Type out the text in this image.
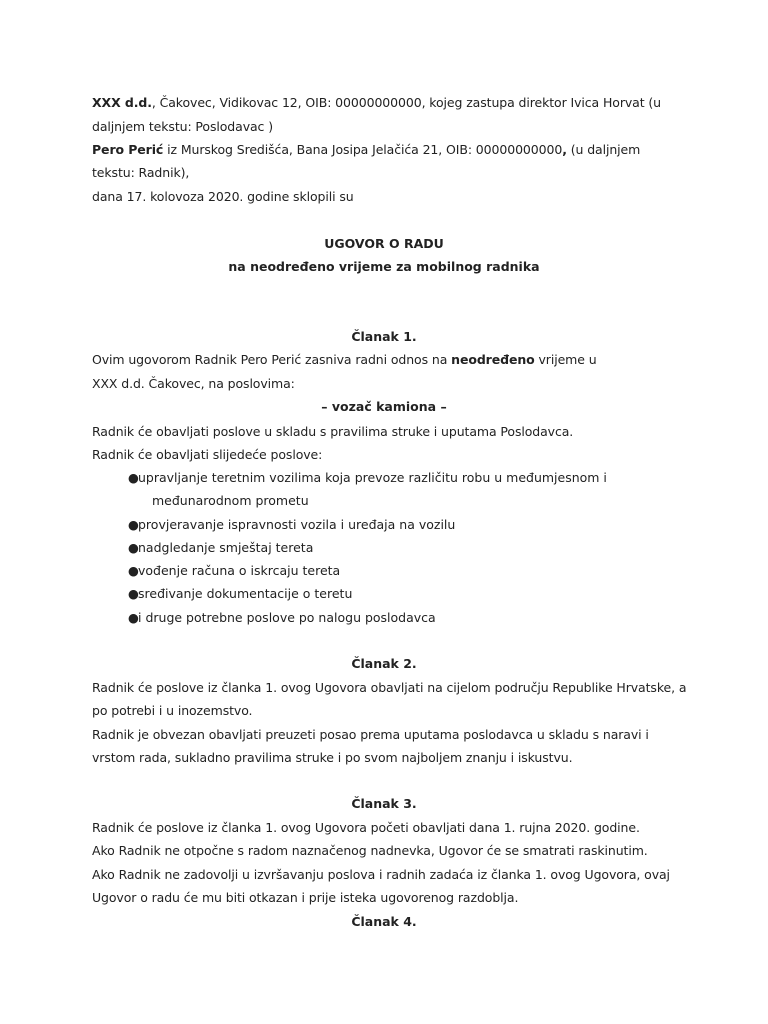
XXX d.d., Čakovec, Vidikovac 12, OIB: 00000000000, kojeg zastupa direktor Ivica Horvat (u
daljnjem tekstu: Poslodavac )
Pero Perić iz Murskog Središća, Bana Josipa Jelačića 21, OIB: 00000000000, (u daljnjem
tekstu: Radnik),
dana 17. kolovoza 2020. godine sklopili su
UGOVOR O RADU
na neodređeno vrijeme za mobilnog radnika
Članak 1.
Ovim ugovorom Radnik Pero Perić zasniva radni odnos na neodređeno vrijeme u
XXX d.d. Čakovec, na poslovima:
– vozač kamiona –
Radnik će obavljati poslove u skladu s pravilima struke i uputama Poslodavca.
Radnik će obavljati slijedeće poslove:
●upravljanje teretnim vozilima koja prevoze različitu robu u međumjesnom i
međunarodnom prometu
●provjeravanje ispravnosti vozila i uređaja na vozilu
●nadgledanje smještaj tereta
●vođenje računa o iskrcaju tereta
●sređivanje dokumentacije o teretu
●i druge potrebne poslove po nalogu poslodavca
Članak 2.
Radnik će poslove iz članka 1. ovog Ugovora obavljati na cijelom području Republike Hrvatske, a
po potrebi i u inozemstvo.
Radnik je obvezan obavljati preuzeti posao prema uputama poslodavca u skladu s naravi i
vrstom rada, sukladno pravilima struke i po svom najboljem znanju i iskustvu.
Članak 3.
Radnik će poslove iz članka 1. ovog Ugovora početi obavljati dana 1. rujna 2020. godine.
Ako Radnik ne otpočne s radom naznačenog nadnevka, Ugovor će se smatrati raskinutim.
Ako Radnik ne zadovolji u izvršavanju poslova i radnih zadaća iz članka 1. ovog Ugovora, ovaj
Ugovor o radu će mu biti otkazan i prije isteka ugovorenog razdoblja.
Članak 4.
